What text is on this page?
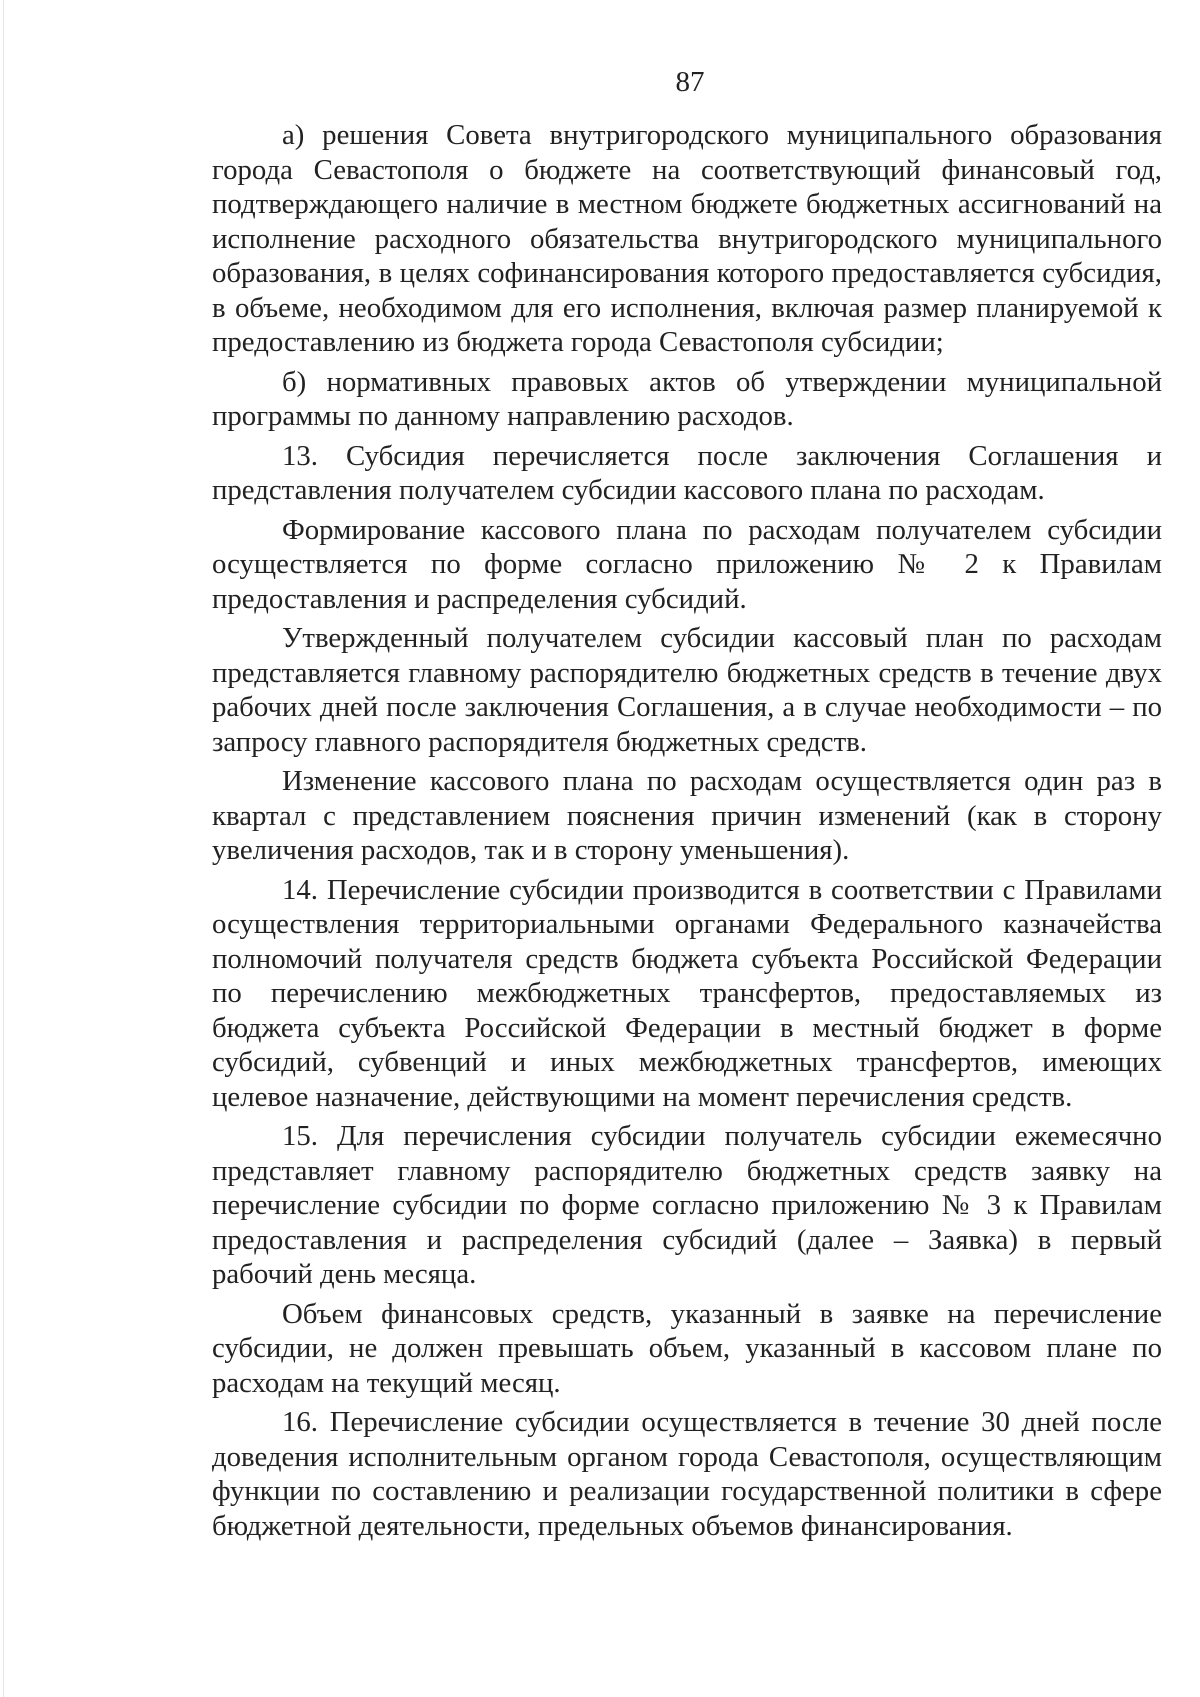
87

а) решения Совета внутригородского муниципального образования города Севастополя о бюджете на соответствующий финансовый год, подтверждающего наличие в местном бюджете бюджетных ассигнований на исполнение расходного обязательства внутригородского муниципального образования, в целях софинансирования которого предоставляется субсидия, в объеме, необходимом для его исполнения, включая размер планируемой к предоставлению из бюджета города Севастополя субсидии;

б) нормативных правовых актов об утверждении муниципальной программы по данному направлению расходов.

13. Субсидия перечисляется после заключения Соглашения и представления получателем субсидии кассового плана по расходам.

Формирование кассового плана по расходам получателем субсидии осуществляется по форме согласно приложению № 2 к Правилам предоставления и распределения субсидий.

Утвержденный получателем субсидии кассовый план по расходам представляется главному распорядителю бюджетных средств в течение двух рабочих дней после заключения Соглашения, а в случае необходимости – по запросу главного распорядителя бюджетных средств.

Изменение кассового плана по расходам осуществляется один раз в квартал с представлением пояснения причин изменений (как в сторону увеличения расходов, так и в сторону уменьшения).

14. Перечисление субсидии производится в соответствии с Правилами осуществления территориальными органами Федерального казначейства полномочий получателя средств бюджета субъекта Российской Федерации по перечислению межбюджетных трансфертов, предоставляемых из бюджета субъекта Российской Федерации в местный бюджет в форме субсидий, субвенций и иных межбюджетных трансфертов, имеющих целевое назначение, действующими на момент перечисления средств.

15. Для перечисления субсидии получатель субсидии ежемесячно представляет главному распорядителю бюджетных средств заявку на перечисление субсидии по форме согласно приложению № 3 к Правилам предоставления и распределения субсидий (далее – Заявка) в первый рабочий день месяца.

Объем финансовых средств, указанный в заявке на перечисление субсидии, не должен превышать объем, указанный в кассовом плане по расходам на текущий месяц.

16. Перечисление субсидии осуществляется в течение 30 дней после доведения исполнительным органом города Севастополя, осуществляющим функции по составлению и реализации государственной политики в сфере бюджетной деятельности, предельных объемов финансирования.
